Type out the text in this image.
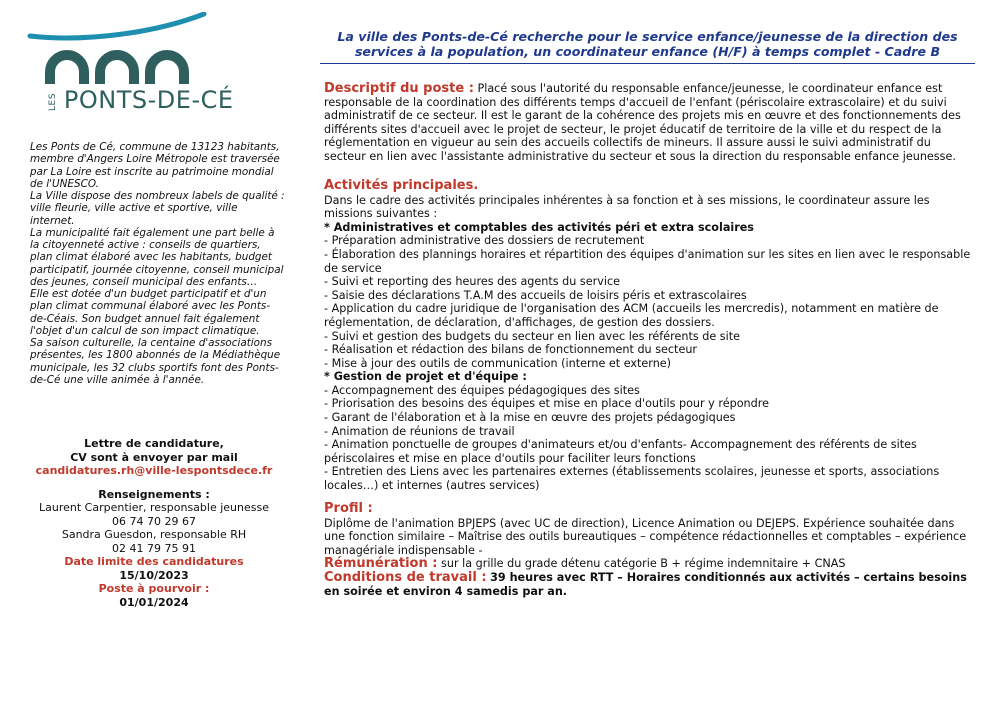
LES PONTS-DE-CÉ

Les Ponts de Cé, commune de 13123 habitants, membre d'Angers Loire Métropole est traversée par La Loire est inscrite au patrimoine mondial de l'UNESCO.

La Ville dispose des nombreux labels de qualité : ville fleurie, ville active et sportive, ville internet.

La municipalité fait également une part belle à la citoyenneté active : conseils de quartiers, plan climat élaboré avec les habitants, budget participatif, journée citoyenne, conseil municipal des jeunes, conseil municipal des enfants…

Elle est dotée d'un budget participatif et d'un plan climat communal élaboré avec les Ponts-de-Céais. Son budget annuel fait également l'objet d'un calcul de son impact climatique.

Sa saison culturelle, la centaine d'associations présentes, les 1800 abonnés de la Médiathèque municipale, les 32 clubs sportifs font des Ponts-de-Cé une ville animée à l'année.

Lettre de candidature,
CV sont à envoyer par mail
candidatures.rh@ville-lespontsdece.fr
Renseignements :
Laurent Carpentier, responsable jeunesse
06 74 70 29 67
Sandra Guesdon, responsable RH
02 41 79 75 91
Date limite des candidatures
15/10/2023
Poste à pourvoir :
01/01/2024
La ville des Ponts-de-Cé recherche pour le service enfance/jeunesse de la direction des
services à la population, un coordinateur enfance (H/F) à temps complet - Cadre B

Descriptif du poste : Placé sous l'autorité du responsable enfance/jeunesse, le coordinateur enfance est responsable de la coordination des différents temps d'accueil de l'enfant (périscolaire extrascolaire) et du suivi administratif de ce secteur. Il est le garant de la cohérence des projets mis en œuvre et des fonctionnements des différents sites d'accueil avec le projet de secteur, le projet éducatif de territoire de la ville et du respect de la réglementation en vigueur au sein des accueils collectifs de mineurs. Il assure aussi le suivi administratif du secteur en lien avec l'assistante administrative du secteur et sous la direction du responsable enfance jeunesse.

Activités principales.

Dans le cadre des activités principales inhérentes à sa fonction et à ses missions, le coordinateur assure les missions suivantes :

* Administratives et comptables des activités péri et extra scolaires

- Préparation administrative des dossiers de recrutement

- Élaboration des plannings horaires et répartition des équipes d'animation sur les sites en lien avec le responsable de service

- Suivi et reporting des heures des agents du service

- Saisie des déclarations T.A.M des accueils de loisirs péris et extrascolaires

- Application du cadre juridique de l'organisation des ACM (accueils les mercredis), notamment en matière de réglementation, de déclaration, d'affichages, de gestion des dossiers.

- Suivi et gestion des budgets du secteur en lien avec les référents de site

- Réalisation et rédaction des bilans de fonctionnement du secteur

- Mise à jour des outils de communication (interne et externe)

* Gestion de projet et d'équipe :

- Accompagnement des équipes pédagogiques des sites

- Priorisation des besoins des équipes et mise en place d'outils pour y répondre

- Garant de l'élaboration et à la mise en œuvre des projets pédagogiques

- Animation de réunions de travail

- Animation ponctuelle de groupes d'animateurs et/ou d'enfants- Accompagnement des référents de sites périscolaires et mise en place d'outils pour faciliter leurs fonctions

- Entretien des Liens avec les partenaires externes (établissements scolaires, jeunesse et sports, associations locales…) et internes (autres services)

Profil :

Diplôme de l'animation BPJEPS (avec UC de direction), Licence Animation ou DEJEPS. Expérience souhaitée dans une fonction similaire – Maîtrise des outils bureautiques – compétence rédactionnelles et comptables – expérience managériale indispensable -

Rémunération : sur la grille du grade détenu catégorie B + régime indemnitaire + CNAS

Conditions de travail : 39 heures avec RTT – Horaires conditionnés aux activités – certains besoins en soirée et environ 4 samedis par an.
